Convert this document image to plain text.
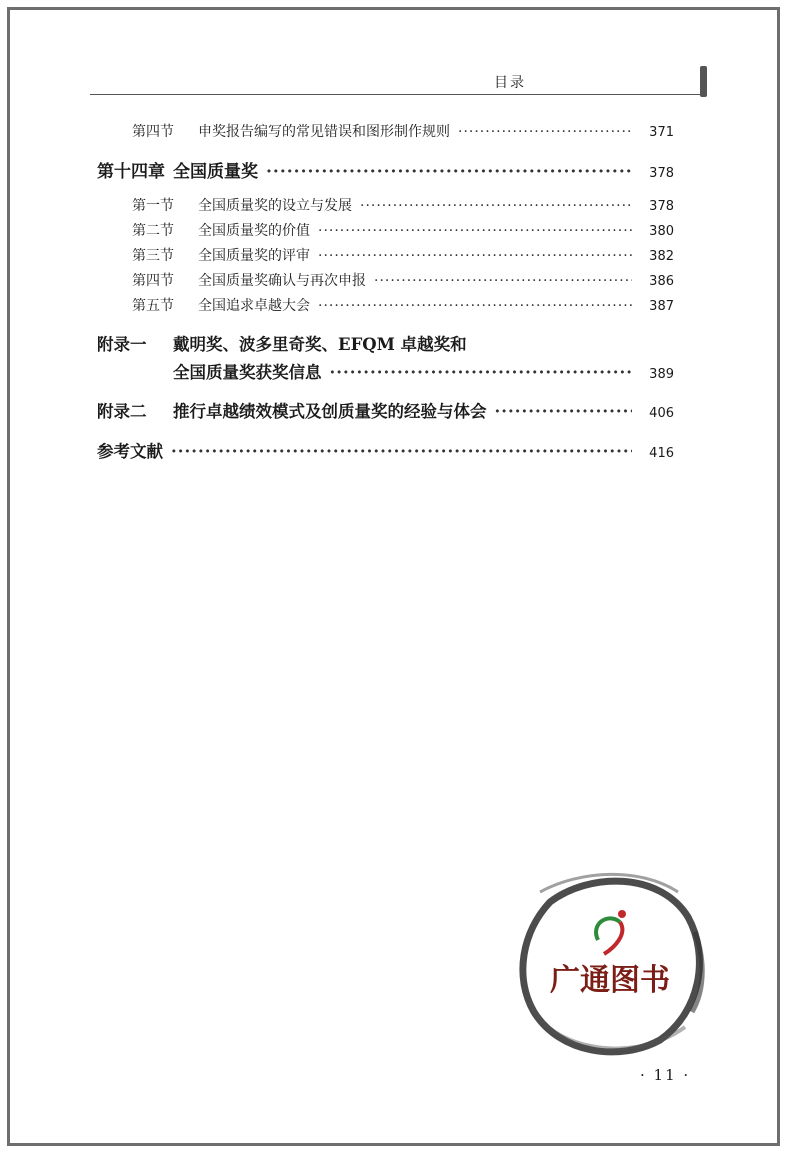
目录
第四节	申奖报告编写的常见错误和图形制作规则 ·····	371
第十四章 全国质量奖 ·····	378
第一节	全国质量奖的设立与发展 ·····	378
第二节	全国质量奖的价值 ·····	380
第三节	全国质量奖的评审 ·····	382
第四节	全国质量奖确认与再次申报 ·····	386
第五节	全国追求卓越大会 ·····	387
附录一 戴明奖、波多里奇奖、EFQM 卓越奖和
全国质量奖获奖信息 ·····	389
附录二	推行卓越绩效模式及创质量奖的经验与体会 ·····	406
参考文献 ·····	416
广通图书
· 11 ·
